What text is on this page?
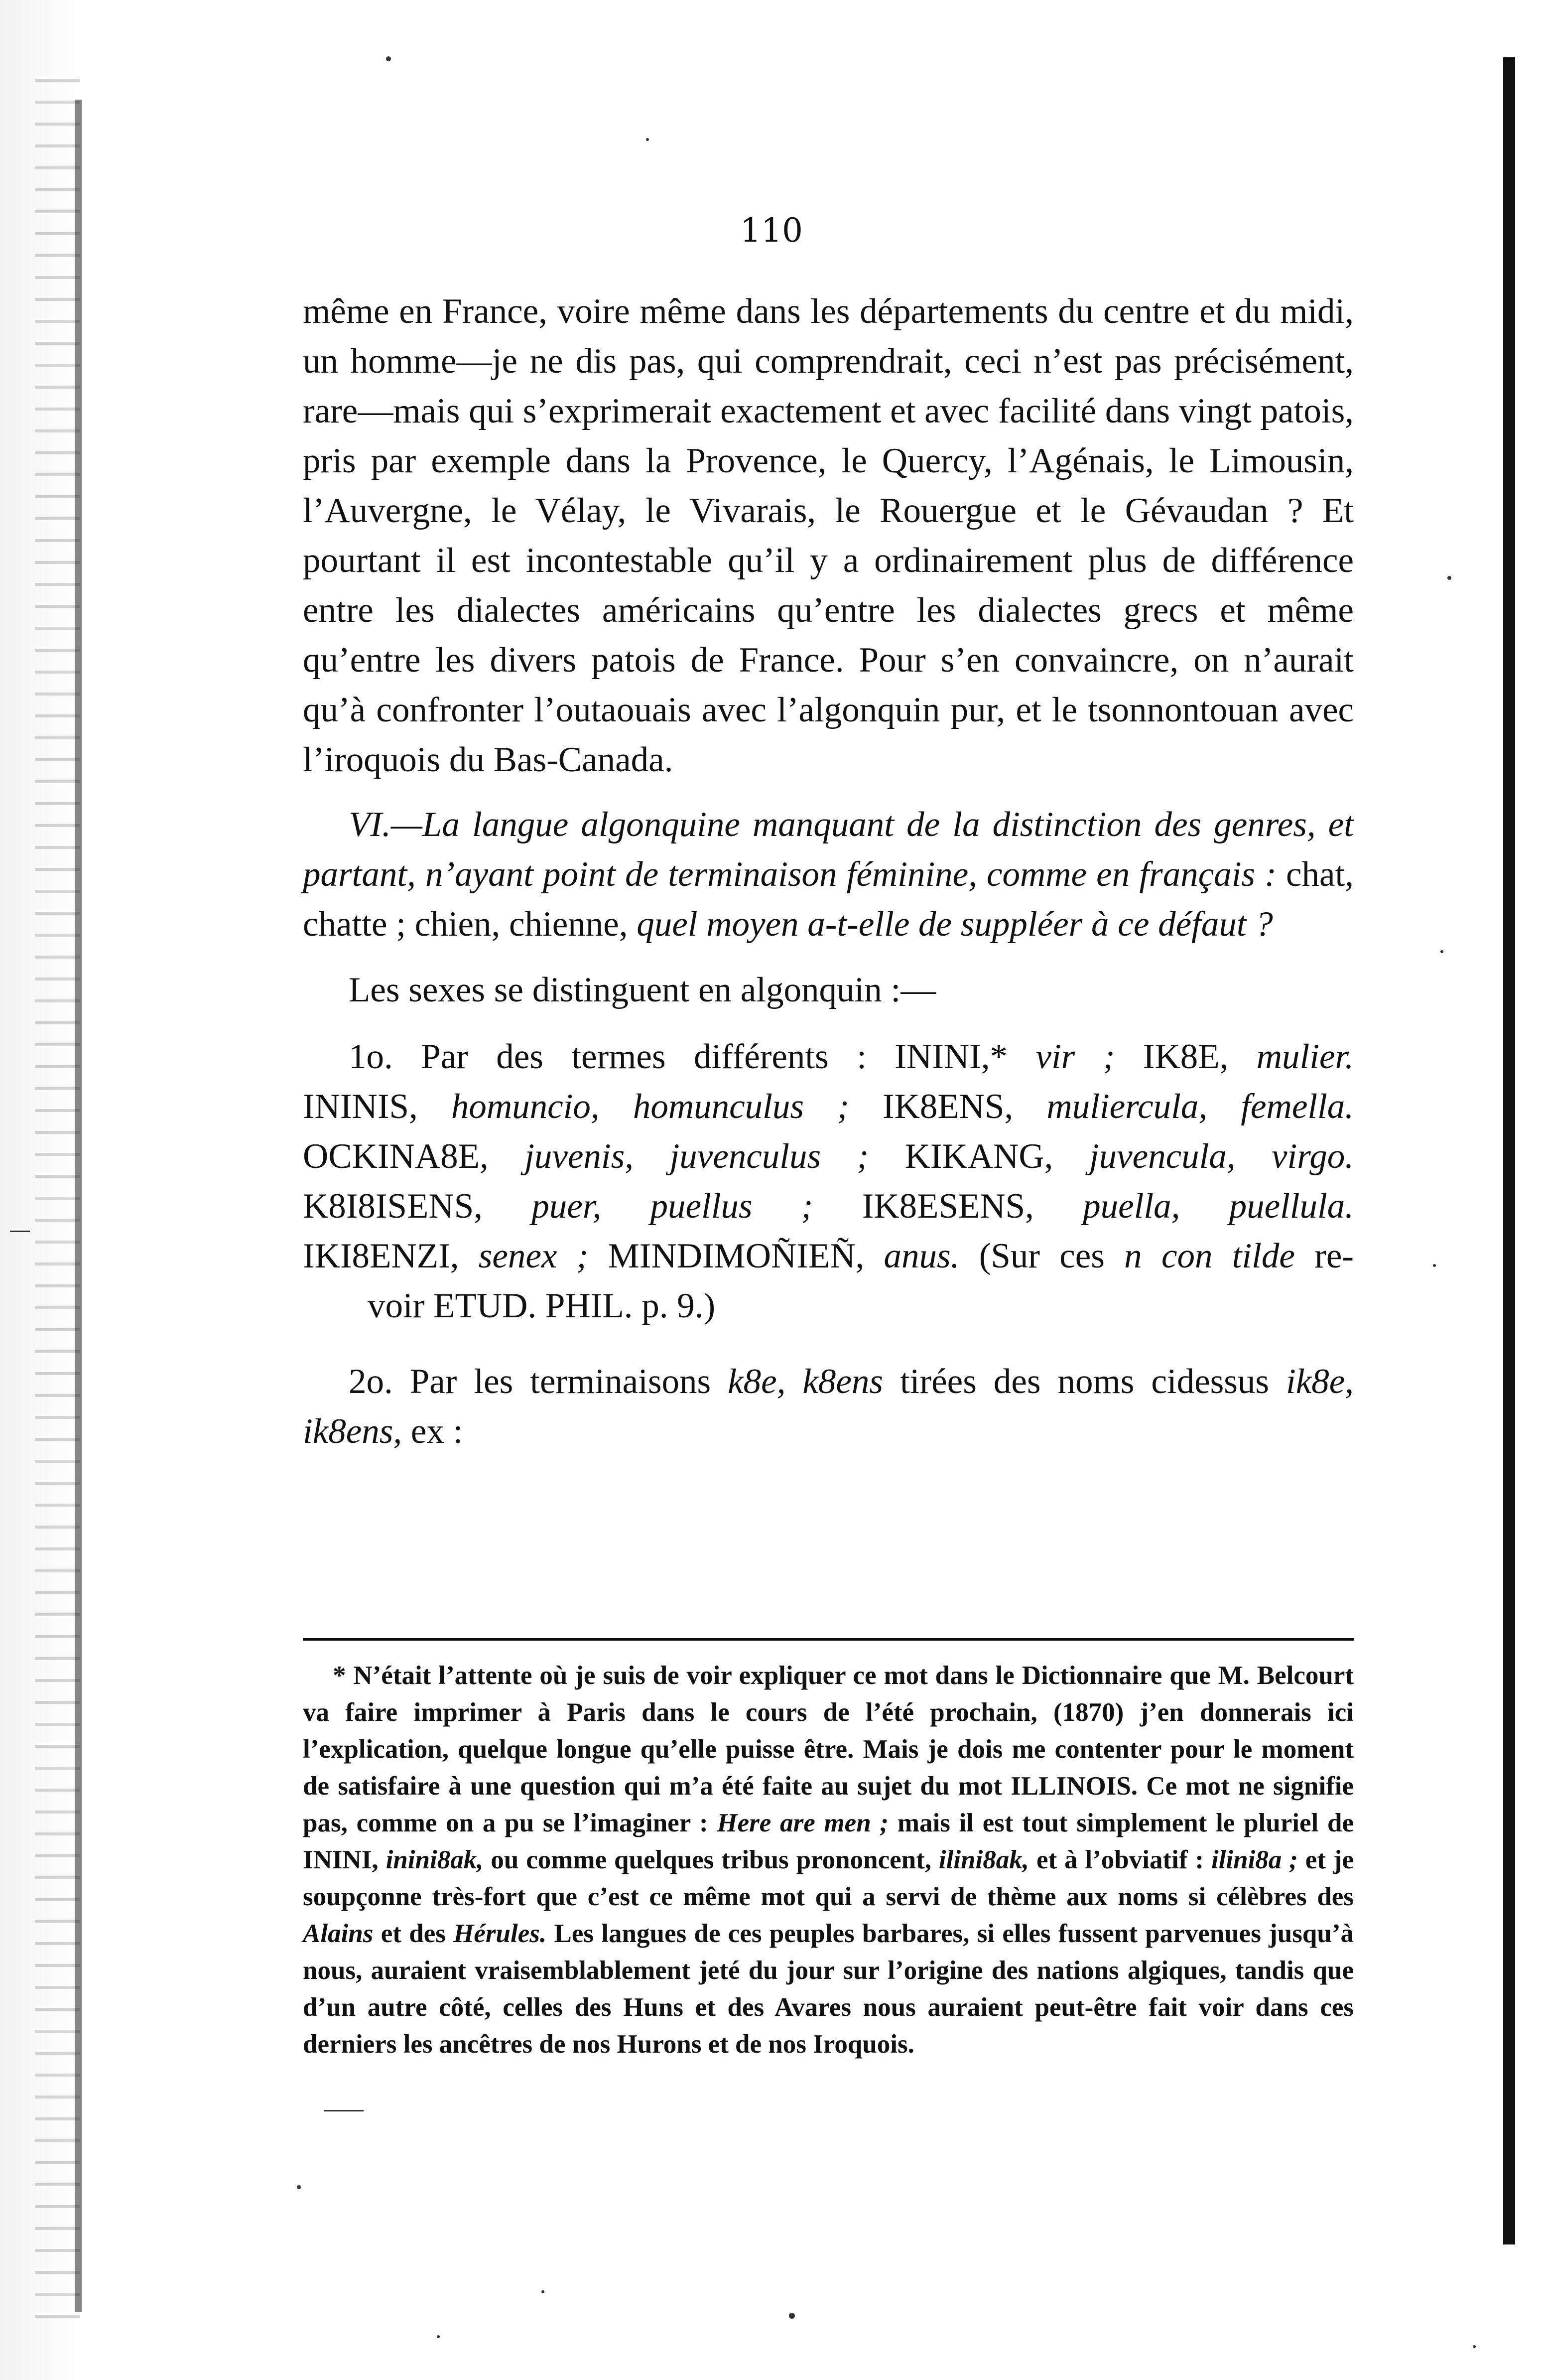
110

même en France, voire même dans les départements du centre et du midi, un homme—je ne dis pas, qui comprendrait, ceci n’est pas précisément, rare—mais qui s’exprimerait exactement et avec facilité dans vingt patois, pris par exemple dans la Provence, le Quercy, l’Agénais, le Limousin, l’Auvergne, le Vélay, le Vivarais, le Rouergue et le Gévaudan ? Et pourtant il est incontestable qu’il y a ordinairement plus de différence entre les dialectes américains qu’entre les dialectes grecs et même qu’entre les divers patois de France. Pour s’en convaincre, on n’aurait qu’à confronter l’outaouais avec l’algonquin pur, et le tsonnontouan avec l’iroquois du Bas-Canada.

VI.—La langue algonquine manquant de la distinction des genres, et partant, n’ayant point de terminaison féminine, comme en français : chat, chatte ; chien, chienne, quel moyen a-t-elle de suppléer à ce défaut ?

Les sexes se distinguent en algonquin :—

1o. Par des termes différents : ININI,* vir ; IK8E, mulier.
ININIS, homuncio, homunculus ; IK8ENS, muliercula, femella.
OCKINA8E, juvenis, juvenculus ; KIKANG, juvencula, virgo.
K8I8ISENS, puer, puellus ; IK8ESENS, puella, puellula.
IKI8ENZI, senex ; MINDIMOÑIEÑ, anus. (Sur ces n con tilde re-
voir ETUD. PHIL. p. 9.)

2o. Par les terminaisons k8e, k8ens tirées des noms cidessus ik8e, ik8ens, ex :

* N’était l’attente où je suis de voir expliquer ce mot dans le Dictionnaire que M. Belcourt va faire imprimer à Paris dans le cours de l’été prochain, (1870) j’en donnerais ici l’explication, quelque longue qu’elle puisse être. Mais je dois me contenter pour le moment de satisfaire à une question qui m’a été faite au sujet du mot ILLINOIS. Ce mot ne signifie pas, comme on a pu se l’imaginer : Here are men ; mais il est tout simplement le pluriel de ININI, inini8ak, ou comme quelques tribus prononcent, ilini8ak, et à l’obviatif : ilini8a ; et je soupçonne très-fort que c’est ce même mot qui a servi de thème aux noms si célèbres des Alains et des Hérules. Les langues de ces peuples barbares, si elles fussent parvenues jusqu’à nous, auraient vraisemblablement jeté du jour sur l’origine des nations algiques, tandis que d’un autre côté, celles des Huns et des Avares nous auraient peut-être fait voir dans ces derniers les ancêtres de nos Hurons et de nos Iroquois.
